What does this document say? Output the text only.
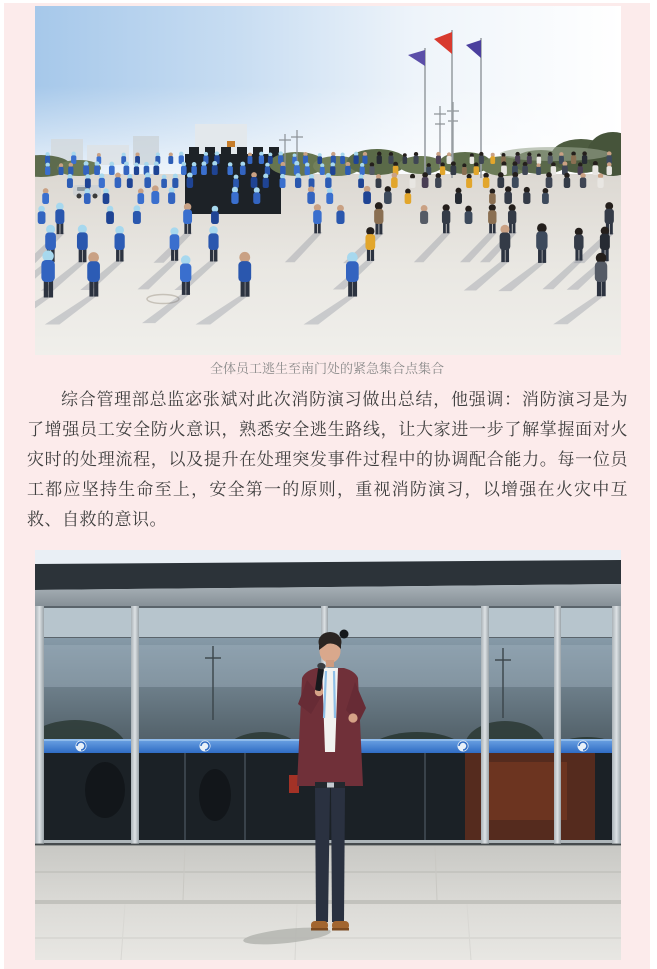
全体员工逃生至南门处的紧急集合点集合

综合管理部总监宓张斌对此次消防演习做出总结，他强调：消防演习是为了增强员工安全防火意识，熟悉安全逃生路线，让大家进一步了解掌握面对火灾时的处理流程，以及提升在处理突发事件过程中的协调配合能力。每一位员工都应坚持生命至上，安全第一的原则，重视消防演习，以增强在火灾中互救、自救的意识。
